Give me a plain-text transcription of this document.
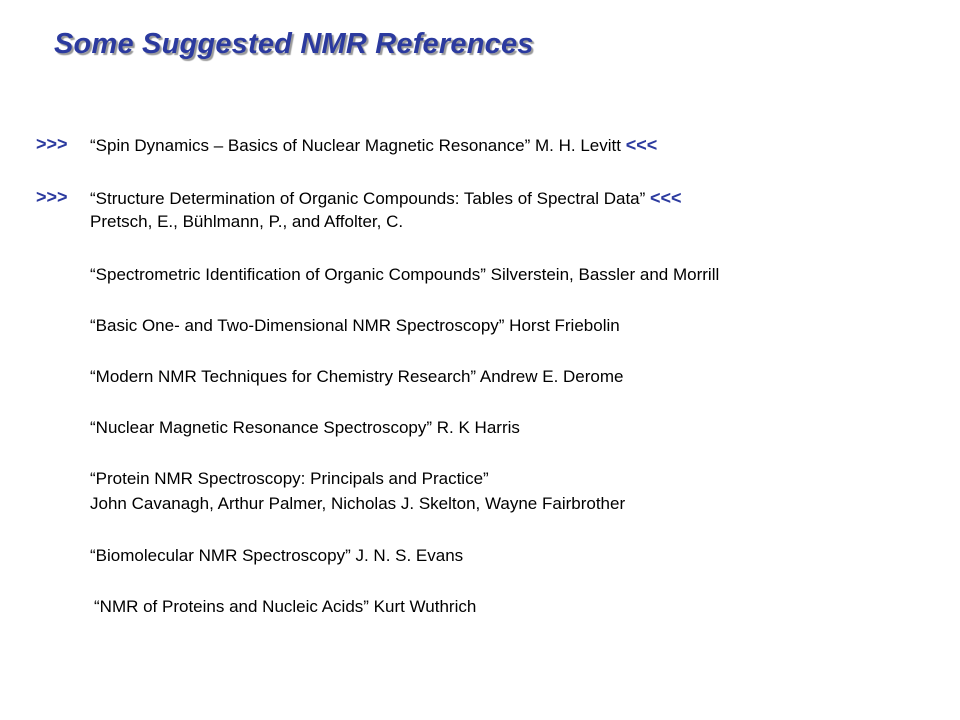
Some Suggested NMR References
>>> “Spin Dynamics – Basics of Nuclear Magnetic Resonance” M. H. Levitt <<<
>>> “Structure Determination of Organic Compounds: Tables of Spectral Data” <<<
Pretsch, E., Bühlmann, P., and Affolter, C.
“Spectrometric Identification of Organic Compounds” Silverstein, Bassler and Morrill
“Basic One- and Two-Dimensional NMR Spectroscopy” Horst Friebolin
“Modern NMR Techniques for Chemistry Research” Andrew E. Derome
“Nuclear Magnetic Resonance Spectroscopy” R. K Harris
“Protein NMR Spectroscopy: Principals and Practice”
John Cavanagh, Arthur Palmer, Nicholas J. Skelton, Wayne Fairbrother
“Biomolecular NMR Spectroscopy” J. N. S. Evans
“NMR of Proteins and Nucleic Acids” Kurt Wuthrich
